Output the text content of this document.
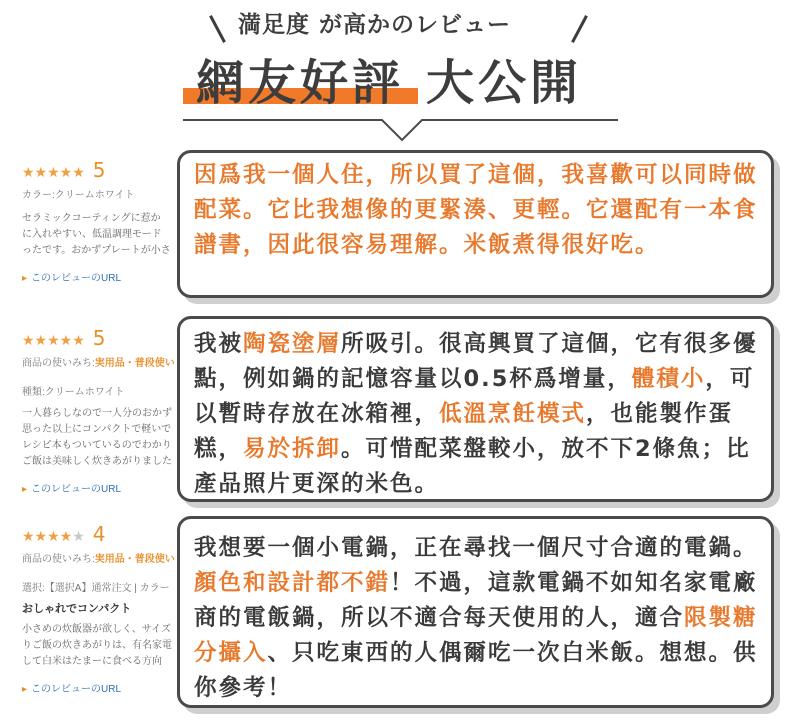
満足度 が高かのレビュー
網友好評 大公開
★★★★★ 5
カラー:クリームホワイト
セラミックコーティングに惹か
に入れやすい、低温調理モード
ったです。おかずプレートが小さ
▸ このレビューのURL
★★★★★ 5
商品の使いみち:実用品・普段使い
種類:クリームホワイト
一人暮らしなので一人分のおかず
思った以上にコンパクトで軽いで
レシピ本もついているのでわかり
ご飯は美味しく炊きあがりました
▸ このレビューのURL
★★★★★ 4
商品の使いみち:実用品・普段使い
選択:【選択A】通常注文 | カラー
おしゃれでコンパクト
小さめの炊飯器が欲しく、サイズ
りご飯の炊きあがりは、有名家電
して白米はたまーに食べる方向
▸ このレビューのURL

因爲我一個人住，所以買了這個，我喜歡可以同時做配菜。它比我想像的更緊湊、更輕。它還配有一本食譜書，因此很容易理解。米飯煮得很好吃。

我被陶瓷塗層所吸引。很高興買了這個，它有很多優點，例如鍋的記憶容量以0.5杯爲增量，體積小，可以暫時存放在冰箱裡，低溫烹飪模式，也能製作蛋糕，易於拆卸。可惜配菜盤較小，放不下2條魚；比產品照片更深的米色。

我想要一個小電鍋，正在尋找一個尺寸合適的電鍋。顏色和設計都不錯！不過，這款電鍋不如知名家電廠商的電飯鍋，所以不適合每天使用的人，適合限製糖分攝入、只吃東西的人偶爾吃一次白米飯。想想。供你參考！
